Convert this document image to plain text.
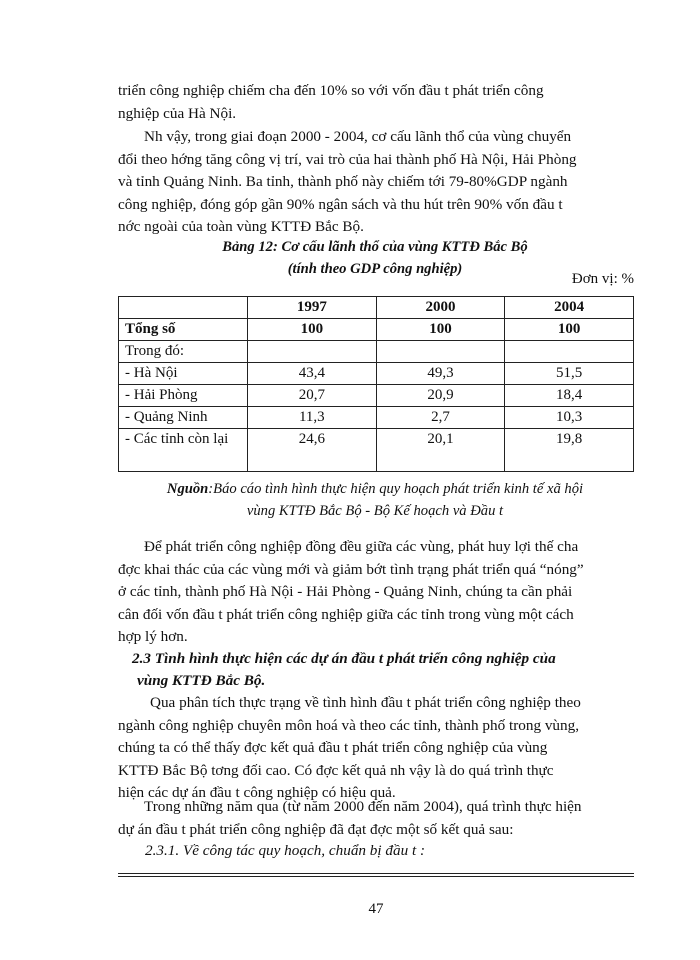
triển công nghiệp chiếm cha đến 10% so với vốn đầu t phát triển công
nghiệp của Hà Nội.

Nh vậy, trong giai đoạn 2000 - 2004, cơ cấu lãnh thổ của vùng chuyển
đổi theo hớng tăng công vị trí, vai trò của hai thành phố Hà Nội, Hải Phòng
và tỉnh Quảng Ninh. Ba tỉnh, thành phố này chiếm tới 79-80%GDP ngành
công nghiệp, đóng góp gần 90% ngân sách và thu hút trên 90% vốn đầu t
nớc ngoài của toàn vùng KTTĐ Bắc Bộ.

Bảng 12: Cơ cấu lãnh thổ của vùng KTTĐ Bắc Bộ
(tính theo GDP công nghiệp)
Đơn vị: %
	1997	2000	2004
Tổng số	100	100	100
Trong đó:			
- Hà Nội	43,4	49,3	51,5
- Hải Phòng	20,7	20,9	18,4
- Quảng Ninh	11,3	2,7	10,3
- Các tỉnh còn lại	24,6	20,1	19,8
Nguồn:Báo cáo tình hình thực hiện quy hoạch phát triển kinh tế xã hội
vùng KTTĐ Bắc Bộ - Bộ Kế hoạch và Đầu t

Để phát triển công nghiệp đồng đều giữa các vùng, phát huy lợi thế cha
đợc khai thác của các vùng mới và giảm bớt tình trạng phát triển quá “nóng”
ở các tỉnh, thành phố Hà Nội - Hải Phòng - Quảng Ninh, chúng ta cần phải
cân đối vốn đầu t phát triển công nghiệp giữa các tỉnh trong vùng một cách
hợp lý hơn.

2.3 Tình hình thực hiện các dự án đầu t phát triển công nghiệp của
vùng KTTĐ Bắc Bộ.

Qua phân tích thực trạng về tình hình đầu t phát triển công nghiệp theo
ngành công nghiệp chuyên môn hoá và theo các tỉnh, thành phố trong vùng,
chúng ta có thể thấy đợc kết quả đầu t phát triển công nghiệp của vùng
KTTĐ Bắc Bộ tơng đối cao. Có đợc kết quả nh vậy là do quá trình thực
hiện các dự án đầu t công nghiệp có hiệu quả.

Trong những năm qua (từ năm 2000 đến năm 2004), quá trình thực hiện
dự án đầu t phát triển công nghiệp đã đạt đợc một số kết quả sau:

2.3.1. Về công tác quy hoạch, chuẩn bị đầu t :
47
